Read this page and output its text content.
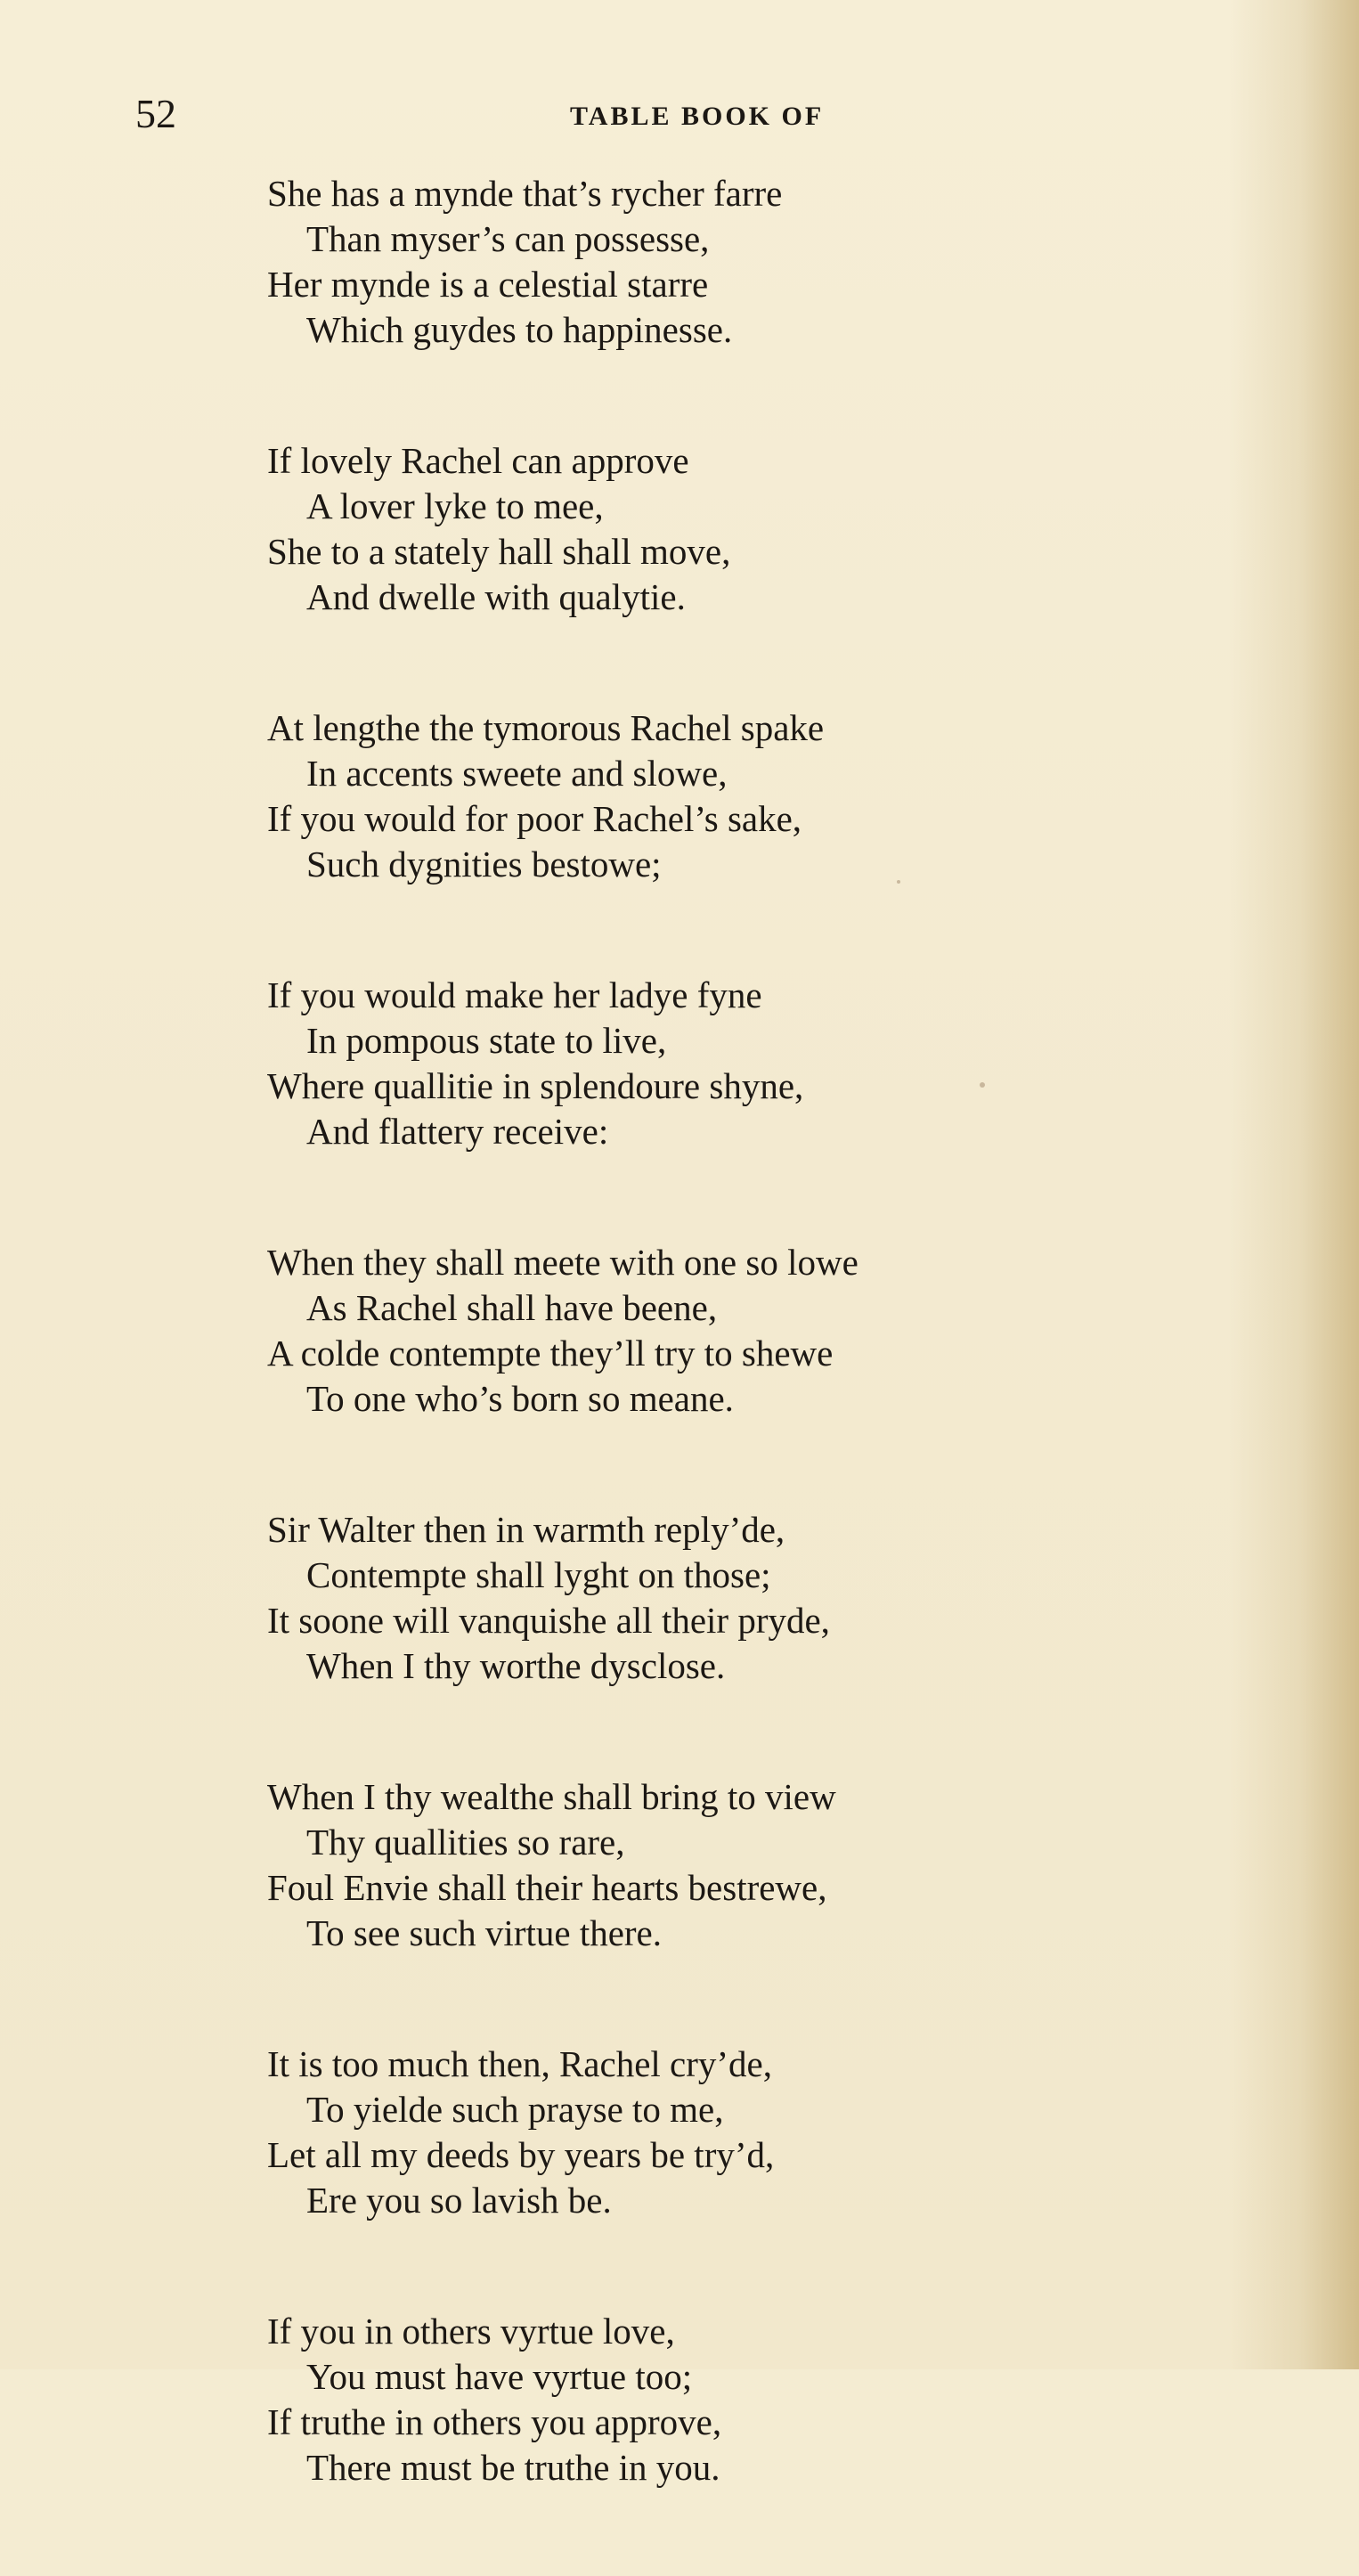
52	TABLE BOOK OF
She has a mynde that’s rycher farre
Than myser’s can possesse,
Her mynde is a celestial starre
Which guydes to happinesse.
If lovely Rachel can approve
A lover lyke to mee,
She to a stately hall shall move,
And dwelle with qualytie.
At lengthe the tymorous Rachel spake
In accents sweete and slowe,
If you would for poor Rachel’s sake,
Such dygnities bestowe;
If you would make her ladye fyne
In pompous state to live,
Where quallitie in splendoure shyne,
And flattery receive:
When they shall meete with one so lowe
As Rachel shall have beene,
A colde contempte they’ll try to shewe
To one who’s born so meane.
Sir Walter then in warmth reply’de,
Contempte shall lyght on those;
It soone will vanquishe all their pryde,
When I thy worthe dysclose.
When I thy wealthe shall bring to view
Thy quallities so rare,
Foul Envie shall their hearts bestrewe,
To see such virtue there.
It is too much then, Rachel cry’de,
To yielde such prayse to me,
Let all my deeds by years be try’d,
Ere you so lavish be.
If you in others vyrtue love,
You must have vyrtue too;
If truthe in others you approve,
There must be truthe in you.
